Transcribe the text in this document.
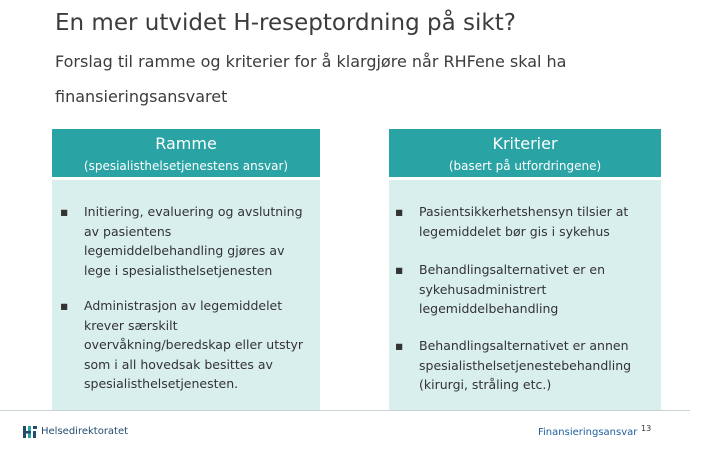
En mer utvidet H-reseptordning på sikt?
Forslag til ramme og kriterier for å klargjøre når RHFene skal ha finansieringsansvaret
Ramme
(spesialisthelsetjenestens ansvar)
▪	Initiering, evaluering og avslutning av pasientens legemiddelbehandling gjøres av lege i spesialisthelsetjenesten
▪	Administrasjon av legemiddelet krever særskilt overvåkning/beredskap eller utstyr som i all hovedsak besittes av spesialisthelsetjenesten.
Kriterier
(basert på utfordringene)
▪	Pasientsikkerhetshensyn tilsier at legemiddelet bør gis i sykehus
▪	Behandlingsalternativet er en sykehusadministrert legemiddelbehandling
▪	Behandlingsalternativet er annen spesialisthelsetjenestebehandling (kirurgi, stråling etc.)
Helsedirektoratet	Finansieringsansvar 13
